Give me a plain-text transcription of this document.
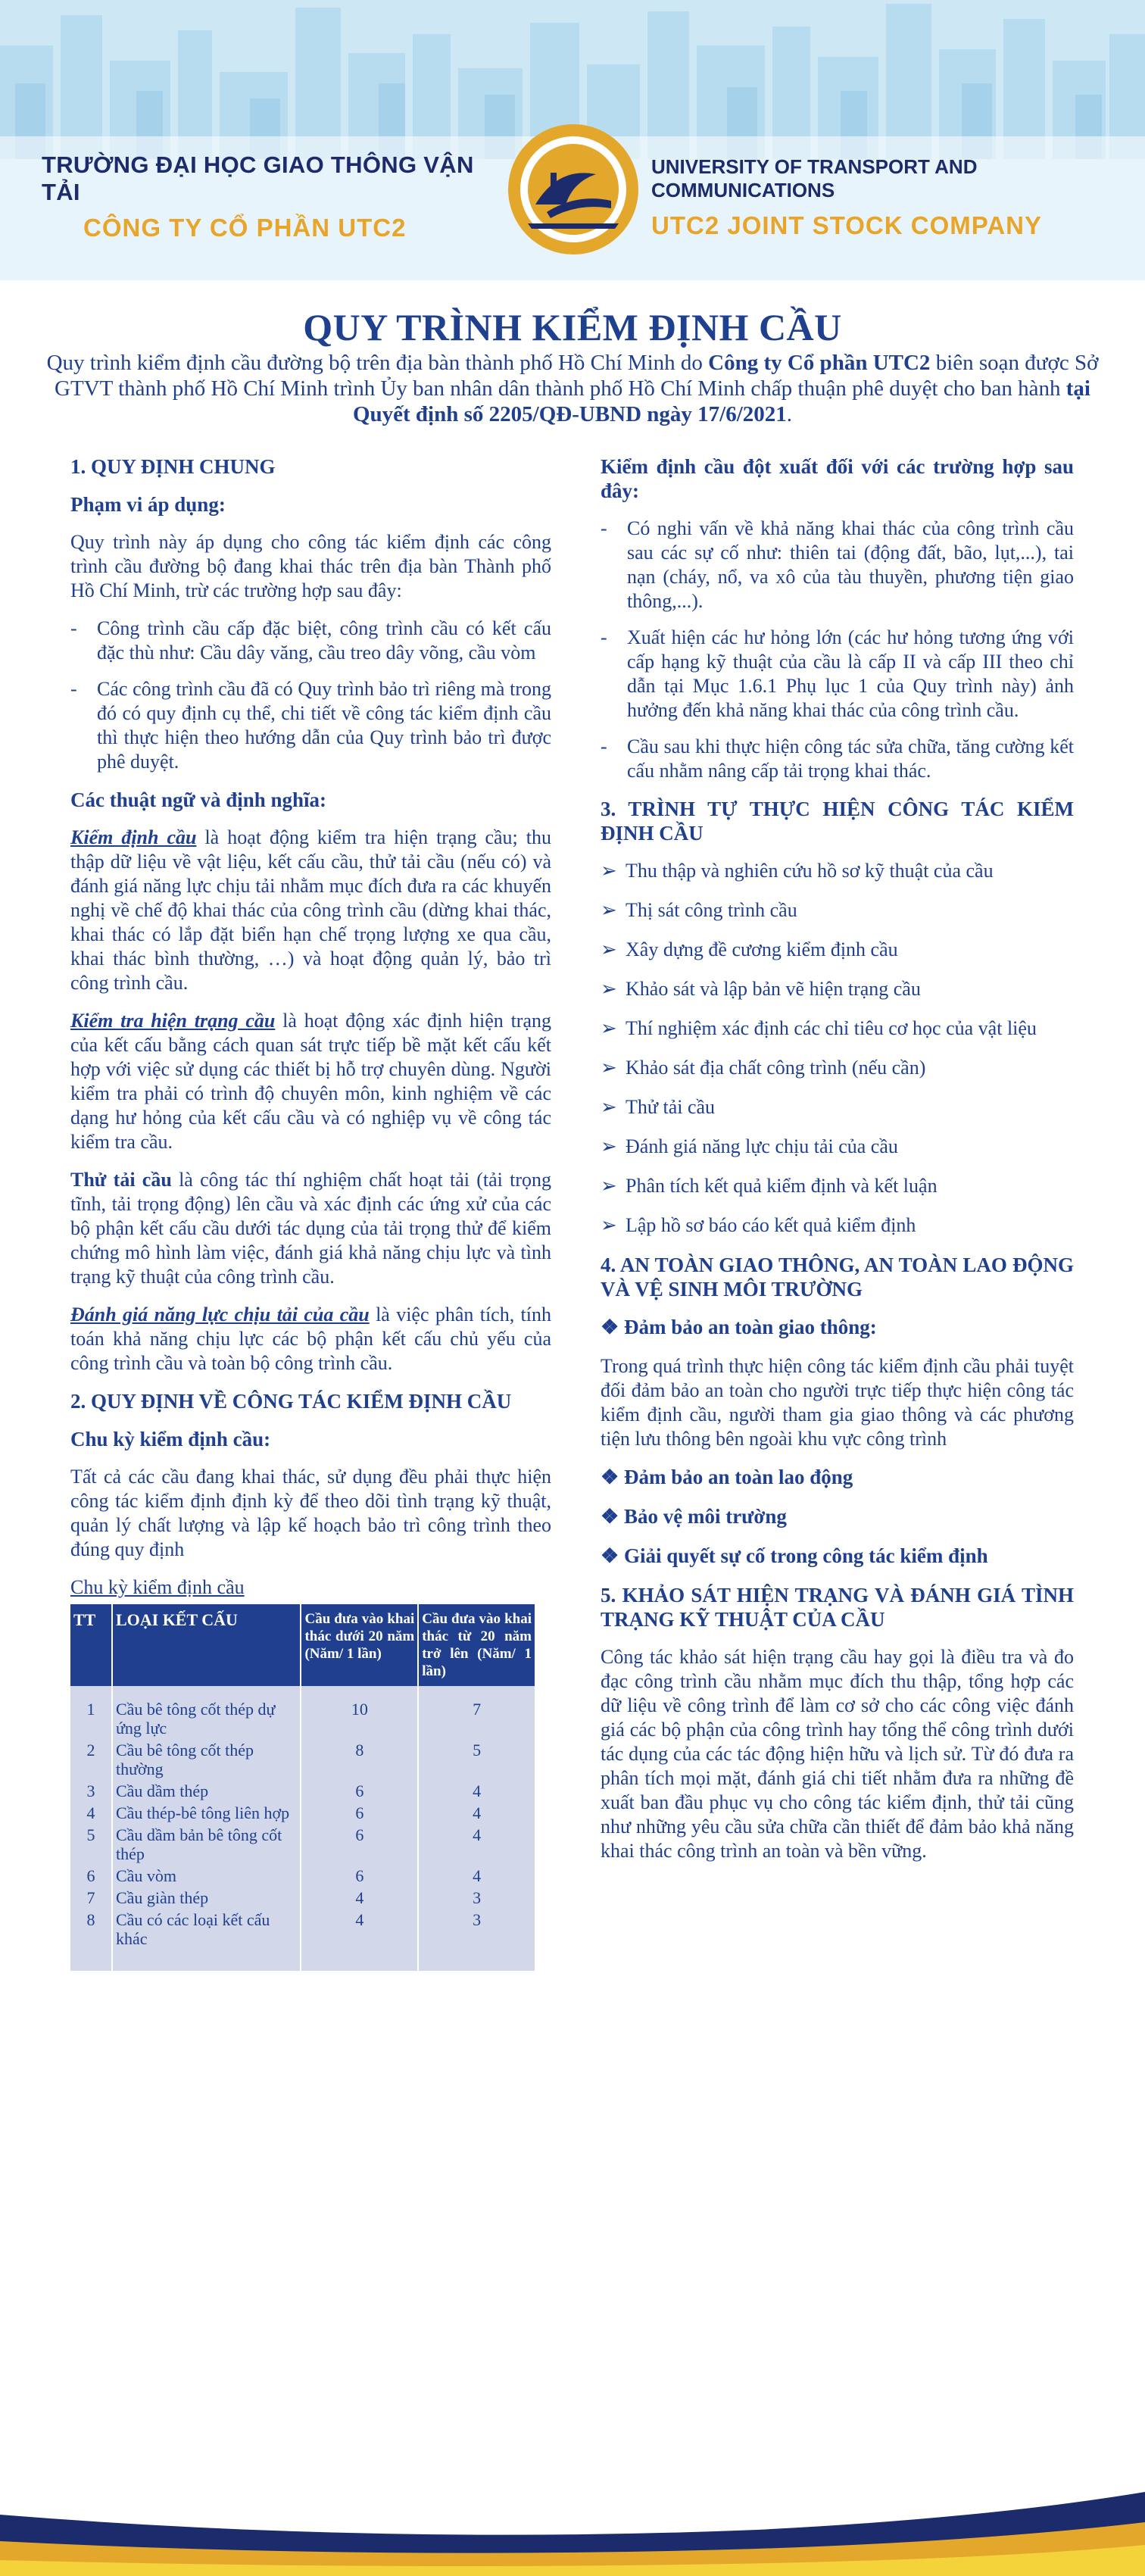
TRƯỜNG ĐẠI HỌC GIAO THÔNG VẬN TẢI
CÔNG TY CỔ PHẦN UTC2
UNIVERSITY OF TRANSPORT AND COMMUNICATIONS
UTC2 JOINT STOCK COMPANY
QUY TRÌNH KIỂM ĐỊNH CẦU
Quy trình kiểm định cầu đường bộ trên địa bàn thành phố Hồ Chí Minh do Công ty Cổ phần UTC2 biên soạn được Sở GTVT thành phố Hồ Chí Minh trình Ủy ban nhân dân thành phố Hồ Chí Minh chấp thuận phê duyệt cho ban hành tại Quyết định số 2205/QĐ-UBND ngày 17/6/2021.
1. QUY ĐỊNH CHUNG
Phạm vi áp dụng:
Quy trình này áp dụng cho công tác kiểm định các công trình cầu đường bộ đang khai thác trên địa bàn Thành phố Hồ Chí Minh, trừ các trường hợp sau đây:
- Công trình cầu cấp đặc biệt, công trình cầu có kết cấu đặc thù như: Cầu dây văng, cầu treo dây võng, cầu vòm
- Các công trình cầu đã có Quy trình bảo trì riêng mà trong đó có quy định cụ thể, chi tiết về công tác kiểm định cầu thì thực hiện theo hướng dẫn của Quy trình bảo trì được phê duyệt.
Các thuật ngữ và định nghĩa:
Kiểm định cầu là hoạt động kiểm tra hiện trạng cầu; thu thập dữ liệu về vật liệu, kết cấu cầu, thử tải cầu (nếu có) và đánh giá năng lực chịu tải nhằm mục đích đưa ra các khuyến nghị về chế độ khai thác của công trình cầu (dừng khai thác, khai thác có lắp đặt biển hạn chế trọng lượng xe qua cầu, khai thác bình thường, …) và hoạt động quản lý, bảo trì công trình cầu.
Kiểm tra hiện trạng cầu là hoạt động xác định hiện trạng của kết cấu bằng cách quan sát trực tiếp bề mặt kết cấu kết hợp với việc sử dụng các thiết bị hỗ trợ chuyên dùng. Người kiểm tra phải có trình độ chuyên môn, kinh nghiệm về các dạng hư hỏng của kết cấu cầu và có nghiệp vụ về công tác kiểm tra cầu.
Thử tải cầu là công tác thí nghiệm chất hoạt tải (tải trọng tĩnh, tải trọng động) lên cầu và xác định các ứng xử của các bộ phận kết cấu cầu dưới tác dụng của tải trọng thử để kiểm chứng mô hình làm việc, đánh giá khả năng chịu lực và tình trạng kỹ thuật của công trình cầu.
Đánh giá năng lực chịu tải của cầu là việc phân tích, tính toán khả năng chịu lực các bộ phận kết cấu chủ yếu của công trình cầu và toàn bộ công trình cầu.
2. QUY ĐỊNH VỀ CÔNG TÁC KIỂM ĐỊNH CẦU
Chu kỳ kiểm định cầu:
Tất cả các cầu đang khai thác, sử dụng đều phải thực hiện công tác kiểm định định kỳ để theo dõi tình trạng kỹ thuật, quản lý chất lượng và lập kế hoạch bảo trì công trình theo đúng quy định
Chu kỳ kiểm định cầu
TT	LOẠI KẾT CẤU	Cầu đưa vào khai thác dưới 20 năm (Năm/ 1 lần)	Cầu đưa vào khai thác từ 20 năm trở lên (Năm/ 1 lần)
1	Cầu bê tông cốt thép dự ứng lực	10	7
2	Cầu bê tông cốt thép thường	8	5
3	Cầu dầm thép	6	4
4	Cầu thép-bê tông liên hợp	6	4
5	Cầu dầm bản bê tông cốt thép	6	4
6	Cầu vòm	6	4
7	Cầu giàn thép	4	3
8	Cầu có các loại kết cấu khác	4	3
Kiểm định cầu đột xuất đối với các trường hợp sau đây:
- Có nghi vấn về khả năng khai thác của công trình cầu sau các sự cố như: thiên tai (động đất, bão, lụt,...), tai nạn (cháy, nổ, va xô của tàu thuyền, phương tiện giao thông,...).
- Xuất hiện các hư hỏng lớn (các hư hỏng tương ứng với cấp hạng kỹ thuật của cầu là cấp II và cấp III theo chỉ dẫn tại Mục 1.6.1 Phụ lục 1 của Quy trình này) ảnh hưởng đến khả năng khai thác của công trình cầu.
- Cầu sau khi thực hiện công tác sửa chữa, tăng cường kết cấu nhằm nâng cấp tải trọng khai thác.
3. TRÌNH TỰ THỰC HIỆN CÔNG TÁC KIỂM ĐỊNH CẦU
➢ Thu thập và nghiên cứu hồ sơ kỹ thuật của cầu
➢ Thị sát công trình cầu
➢ Xây dựng đề cương kiểm định cầu
➢ Khảo sát và lập bản vẽ hiện trạng cầu
➢ Thí nghiệm xác định các chỉ tiêu cơ học của vật liệu
➢ Khảo sát địa chất công trình (nếu cần)
➢ Thử tải cầu
➢ Đánh giá năng lực chịu tải của cầu
➢ Phân tích kết quả kiểm định và kết luận
➢ Lập hồ sơ báo cáo kết quả kiểm định
4. AN TOÀN GIAO THÔNG, AN TOÀN LAO ĐỘNG VÀ VỆ SINH MÔI TRƯỜNG
❖ Đảm bảo an toàn giao thông:
Trong quá trình thực hiện công tác kiểm định cầu phải tuyệt đối đảm bảo an toàn cho người trực tiếp thực hiện công tác kiểm định cầu, người tham gia giao thông và các phương tiện lưu thông bên ngoài khu vực công trình
❖ Đảm bảo an toàn lao động
❖ Bảo vệ môi trường
❖ Giải quyết sự cố trong công tác kiểm định
5. KHẢO SÁT HIỆN TRẠNG VÀ ĐÁNH GIÁ TÌNH TRẠNG KỸ THUẬT CỦA CẦU
Công tác khảo sát hiện trạng cầu hay gọi là điều tra và đo đạc công trình cầu nhằm mục đích thu thập, tổng hợp các dữ liệu về công trình để làm cơ sở cho các công việc đánh giá các bộ phận của công trình hay tổng thể công trình dưới tác dụng của các tác động hiện hữu và lịch sử. Từ đó đưa ra phân tích mọi mặt, đánh giá chi tiết nhằm đưa ra những đề xuất ban đầu phục vụ cho công tác kiểm định, thử tải cũng như những yêu cầu sửa chữa cần thiết để đảm bảo khả năng khai thác công trình an toàn và bền vững.
